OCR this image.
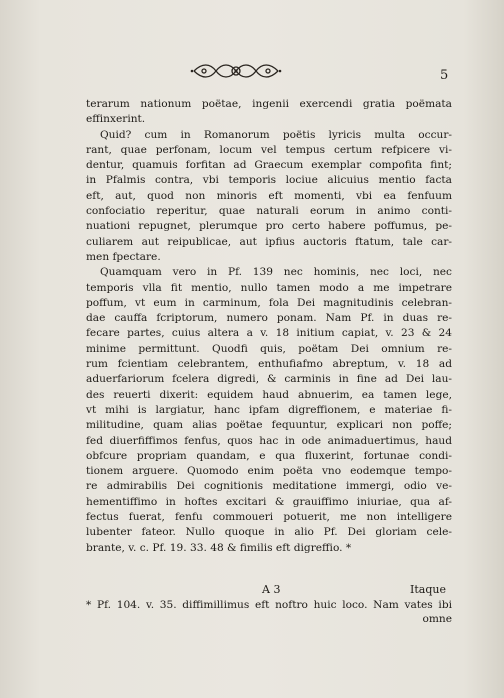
5
terarum nationum poëtae, ingenii exercendi gratia poëmata
effinxerint.
Quid? cum in Romanorum poëtis lyricis multa occur-
rant, quae perfonam, locum vel tempus certum refpicere vi-
dentur, quamuis forfitan ad Graecum exemplar compofita fint;
in Pfalmis contra, vbi temporis lociue alicuius mentio facta
eft, aut, quod non minoris eft momenti, vbi ea fenfuum
confociatio reperitur, quae naturali eorum in animo conti-
nuationi repugnet, plerumque pro certo habere poffumus, pe-
culiarem aut reipublicae, aut ipfius auctoris ftatum, tale car-
men fpectare.
Quamquam vero in Pf. 139 nec hominis, nec loci, nec
temporis vlla fit mentio, nullo tamen modo a me impetrare
poffum, vt eum in carminum, fola Dei magnitudinis celebran-
dae cauffa fcriptorum, numero ponam. Nam Pf. in duas re-
fecare partes, cuius altera a v. 18 initium capiat, v. 23 & 24
minime permittunt. Quodfi quis, poëtam Dei omnium re-
rum fcientiam celebrantem, enthufiafmo abreptum, v. 18 ad
aduerfariorum fcelera digredi, & carminis in fine ad Dei lau-
des reuerti dixerit: equidem haud abnuerim, ea tamen lege,
vt mihi is largiatur, hanc ipfam digreffionem, e materiae fi-
militudine, quam alias poëtae fequuntur, explicari non poffe;
fed diuerfiffimos fenfus, quos hac in ode animaduertimus, haud
obfcure propriam quandam, e qua fluxerint, fortunae condi-
tionem arguere. Quomodo enim poëta vno eodemque tempo-
re admirabilis Dei cognitionis meditatione immergi, odio ve-
hementiffimo in hoftes excitari & grauiffimo iniuriae, qua af-
fectus fuerat, fenfu commoueri potuerit, me non intelligere
lubenter fateor. Nullo quoque in alio Pf. Dei gloriam cele-
brante, v. c. Pf. 19. 33. 48 & fimilis eft digreffio. *
A 3	Itaque
* Pf. 104. v. 35. diffimillimus eft noftro huic loco. Nam vates ibi
omne
